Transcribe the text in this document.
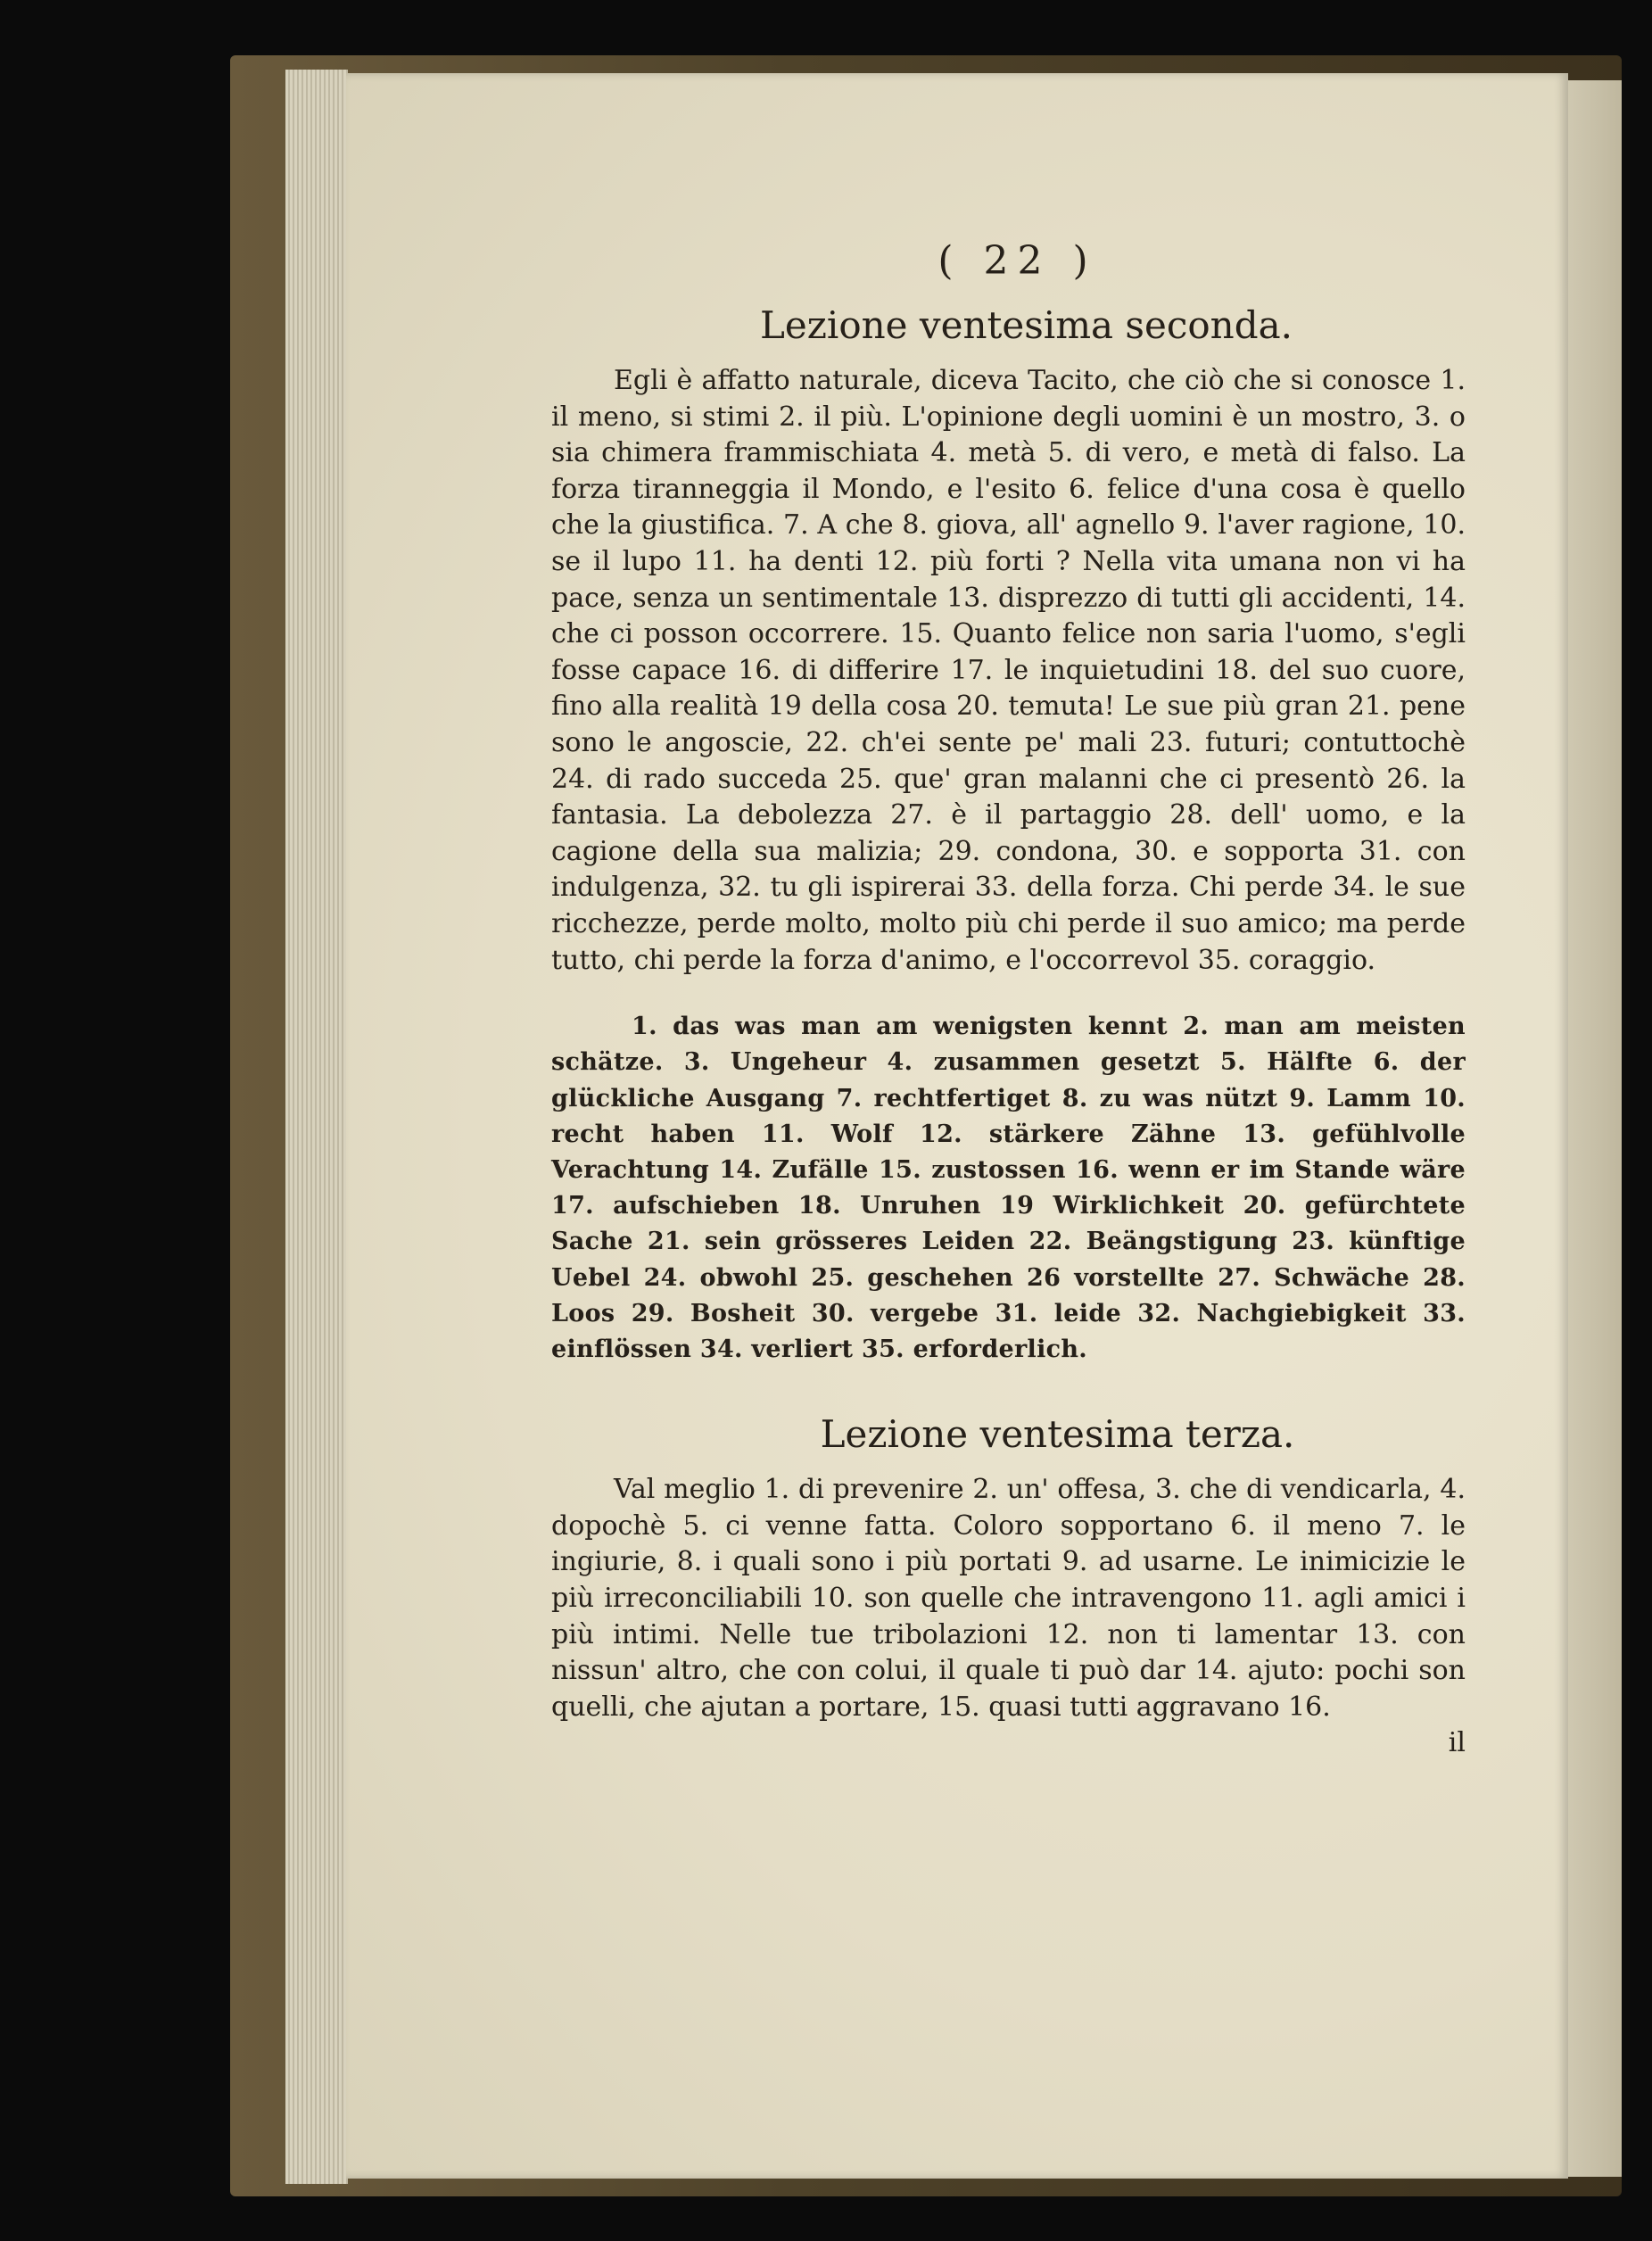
( 22 )
Lezione ventesima seconda.

Egli è affatto naturale, diceva Tacito, che ciò che si conosce 1. il meno, si stimi 2. il più. L'opinione degli uomini è un mostro, 3. o sia chimera frammischiata 4. metà 5. di vero, e metà di falso. La forza tiranneggia il Mondo, e l'esito 6. felice d'una cosa è quello che la giustifica. 7. A che 8. giova, all' agnello 9. l'aver ragione, 10. se il lupo 11. ha denti 12. più forti ? Nella vita umana non vi ha pace, senza un sentimentale 13. disprezzo di tutti gli accidenti, 14. che ci posson occorrere. 15. Quanto felice non saria l'uomo, s'egli fosse capace 16. di differire 17. le inquietudini 18. del suo cuore, fino alla realità 19 della cosa 20. temuta! Le sue più gran 21. pene sono le angoscie, 22. ch'ei sente pe' mali 23. futuri; contuttochè 24. di rado succeda 25. que' gran malanni che ci presentò 26. la fantasia. La debolezza 27. è il partaggio 28. dell' uomo, e la cagione della sua malizia; 29. condona, 30. e sopporta 31. con indulgenza, 32. tu gli ispirerai 33. della forza. Chi perde 34. le sue ricchezze, perde molto, molto più chi perde il suo amico; ma perde tutto, chi perde la forza d'animo, e l'occorrevol 35. coraggio.

1. das was man am wenigsten kennt 2. man am meisten schätze. 3. Ungeheur 4. zusammen gesetzt 5. Hälfte 6. der glückliche Ausgang 7. rechtfertiget 8. zu was nützt 9. Lamm 10. recht haben 11. Wolf 12. stärkere Zähne 13. gefühlvolle Verachtung 14. Zufälle 15. zustossen 16. wenn er im Stande wäre 17. aufschieben 18. Unruhen 19 Wirklichkeit 20. gefürchtete Sache 21. sein grösseres Leiden 22. Beängstigung 23. künftige Uebel 24. obwohl 25. geschehen 26 vorstellte 27. Schwäche 28. Loos 29. Bosheit 30. vergebe 31. leide 32. Nachgiebigkeit 33. einflössen 34. verliert 35. erforderlich.

Lezione ventesima terza.

Val meglio 1. di prevenire 2. un' offesa, 3. che di vendicarla, 4. dopochè 5. ci venne fatta. Coloro sopportano 6. il meno 7. le ingiurie, 8. i quali sono i più portati 9. ad usarne. Le inimicizie le più irreconciliabili 10. son quelle che intravengono 11. agli amici i più intimi. Nelle tue tribolazioni 12. non ti lamentar 13. con nissun' altro, che con colui, il quale ti può dar 14. ajuto: pochi son quelli, che ajutan a portare, 15. quasi tutti aggravano 16.

il
